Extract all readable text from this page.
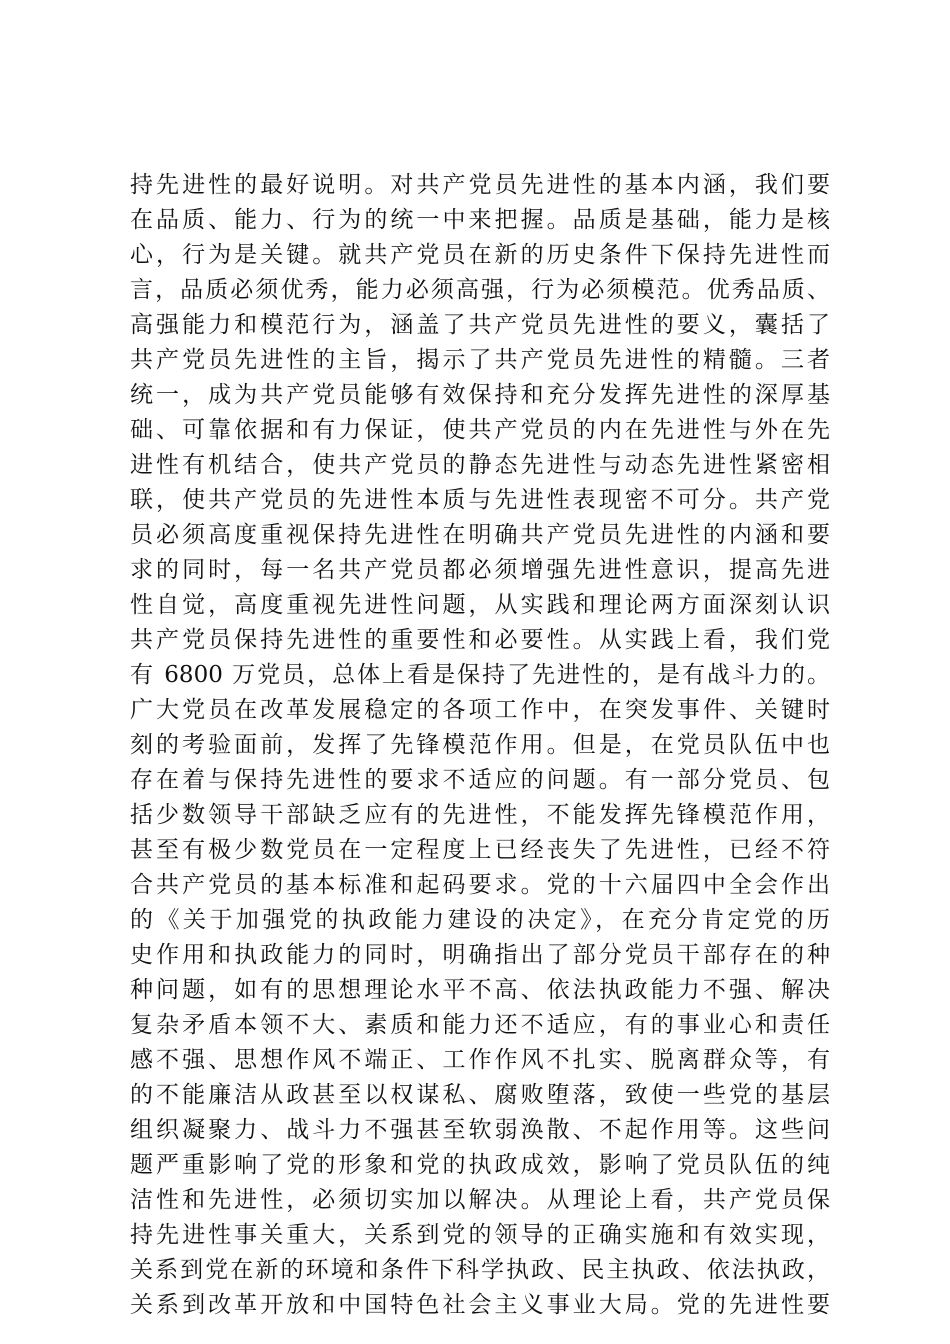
持先进性的最好说明。对共产党员先进性的基本内涵，我们要
在品质、能力、行为的统一中来把握。品质是基础，能力是核
心，行为是关键。就共产党员在新的历史条件下保持先进性而
言，品质必须优秀，能力必须高强，行为必须模范。优秀品质、
高强能力和模范行为，涵盖了共产党员先进性的要义，囊括了
共产党员先进性的主旨，揭示了共产党员先进性的精髓。三者
统一，成为共产党员能够有效保持和充分发挥先进性的深厚基
础、可靠依据和有力保证，使共产党员的内在先进性与外在先
进性有机结合，使共产党员的静态先进性与动态先进性紧密相
联，使共产党员的先进性本质与先进性表现密不可分。共产党
员必须高度重视保持先进性在明确共产党员先进性的内涵和要
求的同时，每一名共产党员都必须增强先进性意识，提高先进
性自觉，高度重视先进性问题，从实践和理论两方面深刻认识
共产党员保持先进性的重要性和必要性。从实践上看，我们党
有 6800 万党员，总体上看是保持了先进性的，是有战斗力的。
广大党员在改革发展稳定的各项工作中，在突发事件、关键时
刻的考验面前，发挥了先锋模范作用。但是，在党员队伍中也
存在着与保持先进性的要求不适应的问题。有一部分党员、包
括少数领导干部缺乏应有的先进性，不能发挥先锋模范作用，
甚至有极少数党员在一定程度上已经丧失了先进性，已经不符
合共产党员的基本标准和起码要求。党的十六届四中全会作出
的《关于加强党的执政能力建设的决定》，在充分肯定党的历
史作用和执政能力的同时，明确指出了部分党员干部存在的种
种问题，如有的思想理论水平不高、依法执政能力不强、解决
复杂矛盾本领不大、素质和能力还不适应，有的事业心和责任
感不强、思想作风不端正、工作作风不扎实、脱离群众等，有
的不能廉洁从政甚至以权谋私、腐败堕落，致使一些党的基层
组织凝聚力、战斗力不强甚至软弱涣散、不起作用等。这些问
题严重影响了党的形象和党的执政成效，影响了党员队伍的纯
洁性和先进性，必须切实加以解决。从理论上看，共产党员保
持先进性事关重大，关系到党的领导的正确实施和有效实现，
关系到党在新的环境和条件下科学执政、民主执政、依法执政，
关系到改革开放和中国特色社会主义事业大局。党的先进性要
